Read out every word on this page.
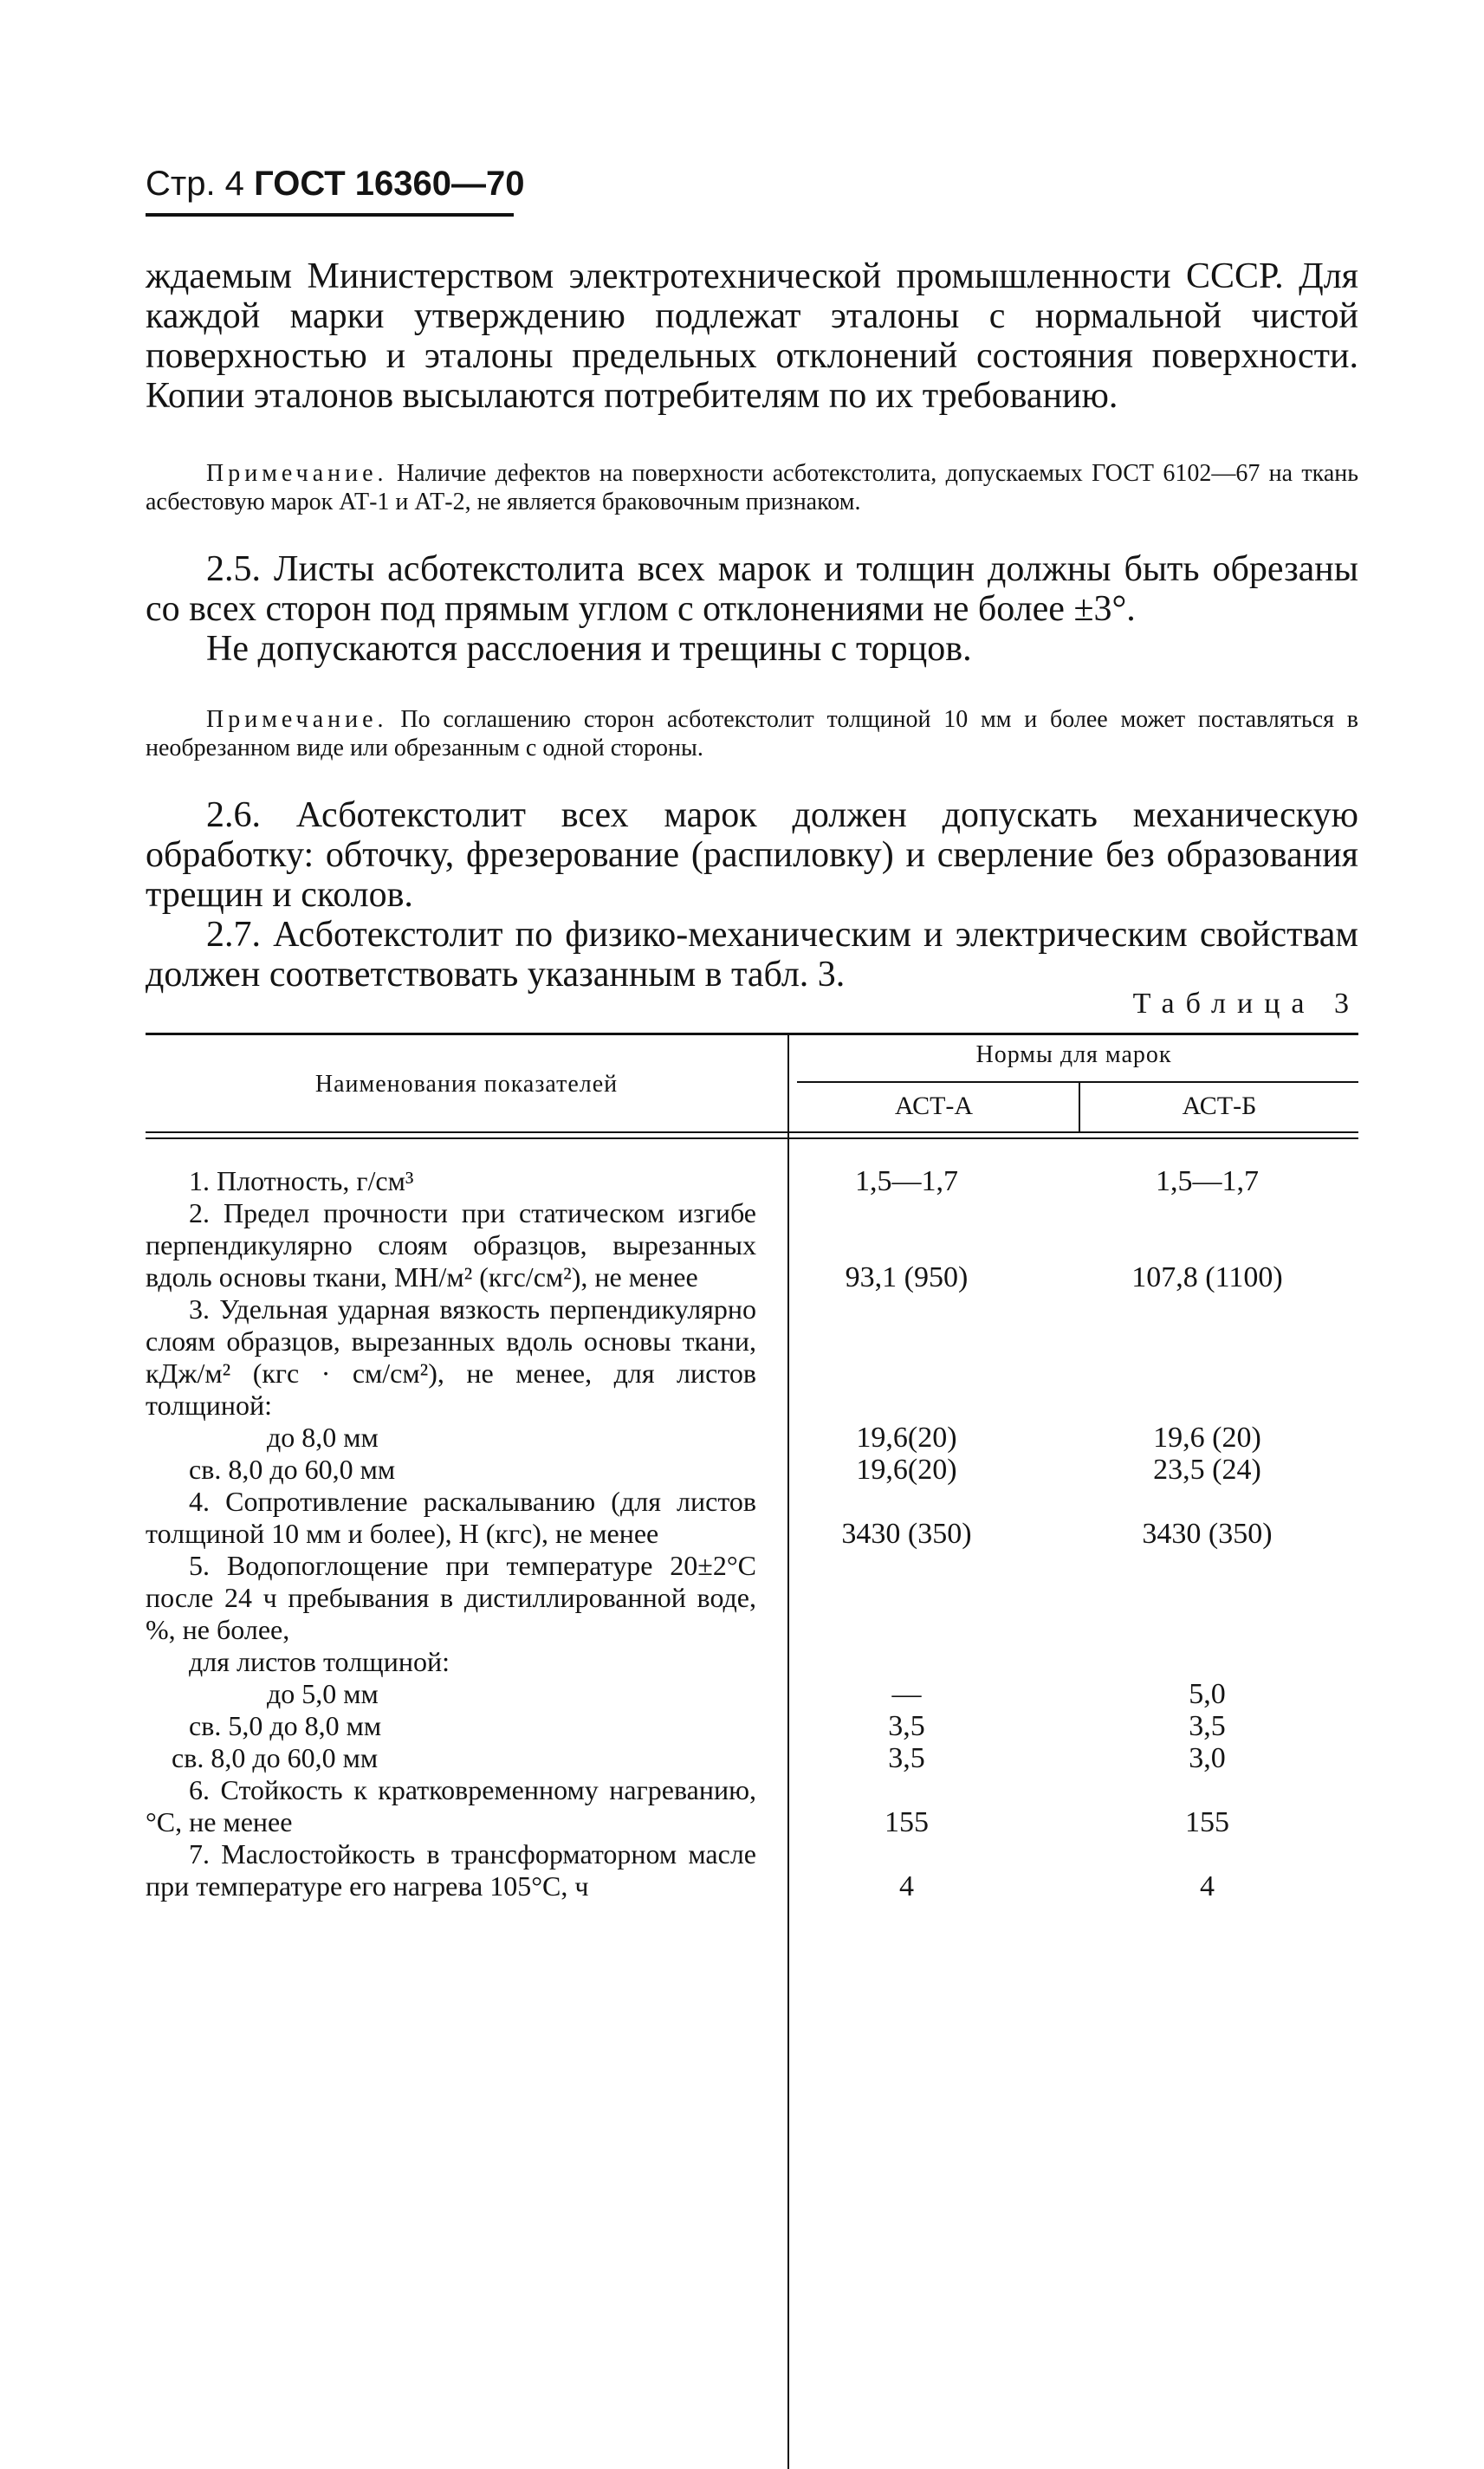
Стр. 4 ГОСТ 16360—70

ждаемым Министерством электротехнической промышленности СССР. Для каждой марки утверждению подлежат эталоны с нормальной чистой поверхностью и эталоны предельных отклонений состояния поверхности. Копии эталонов высылаются потребителям по их требованию.

Примечание. Наличие дефектов на поверхности асботекстолита, допускаемых ГОСТ 6102—67 на ткань асбестовую марок АТ-1 и АТ-2, не является браковочным признаком.

2.5. Листы асботекстолита всех марок и толщин должны быть обрезаны со всех сторон под прямым углом с отклонениями не более ±3°.

Не допускаются расслоения и трещины с торцов.

Примечание. По соглашению сторон асботекстолит толщиной 10 мм и более может поставляться в необрезанном виде или обрезанным с одной стороны.

2.6. Асботекстолит всех марок должен допускать механическую обработку: обточку, фрезерование (распиловку) и сверление без образования трещин и сколов.

2.7. Асботекстолит по физико-механическим и электрическим свойствам должен соответствовать указанным в табл. 3.

Таблица 3
Наименования показателей
Нормы для марок
АСТ-А	АСТ-Б

1. Плотность, г/см³	1,5—1,7	1,5—1,7

2. Предел прочности при статическом изгибе перпендикулярно слоям образцов, вырезанных вдоль основы ткани, МН/м² (кгс/см²), не менее	93,1 (950)	107,8 (1100)

3. Удельная ударная вязкость перпендикулярно слоям образцов, вырезанных вдоль основы ткани, кДж/м² (кгс · см/см²), не менее, для листов толщиной:

до 8,0 мм	19,6(20)	19,6 (20)

св. 8,0 до 60,0 мм	19,6(20)	23,5 (24)

4. Сопротивление раскалыванию (для листов толщиной 10 мм и более), Н (кгс), не менее	3430 (350)	3430 (350)

5. Водопоглощение при температуре 20±2°С после 24 ч пребывания в дистиллированной воде, %, не более,

для листов толщиной:

до 5,0 мм	—	5,0

св. 5,0 до 8,0 мм	3,5	3,5

св. 8,0 до 60,0 мм	3,5	3,0

6. Стойкость к кратковременному нагреванию, °С, не менее	155	155

7. Маслостойкость в трансформаторном масле при температуре его нагрева 105°С, ч	4	4
